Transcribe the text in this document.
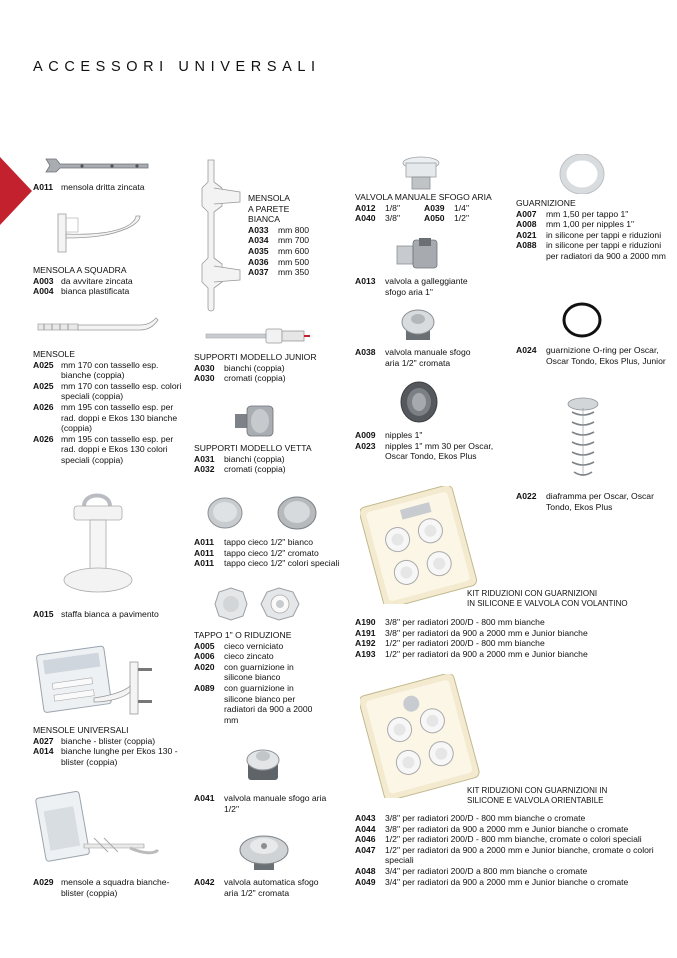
ACCESSORI UNIVERSALI
A011 mensola dritta zincata
MENSOLA A SQUADRA
A003 da avvitare zincata
A004 bianca plastificata
MENSOLE
A025 mm 170 con tassello esp. bianche (coppia)
A025 mm 170 con tassello esp. colori speciali (coppia)
A026 mm 195 con tassello esp. per rad. doppi e Ekos 130 bianche (coppia)
A026 mm 195 con tassello esp. per rad. doppi e Ekos 130 colori speciali (coppia)
A015 staffa bianca a pavimento
MENSOLE UNIVERSALI
A027 bianche - blister (coppia)
A014 bianche lunghe per Ekos 130 - blister (coppia)
A029 mensole a squadra bianche-blister (coppia)
MENSOLA
A PARETE
BIANCA
A033	mm 800
A034	mm 700
A035	mm 600
A036	mm 500
A037	mm 350
SUPPORTI MODELLO JUNIOR
A030	bianchi (coppia)
A030	cromati (coppia)
SUPPORTI MODELLO VETTA
A031	bianchi (coppia)
A032	cromati (coppia)
A011	tappo cieco 1/2" bianco
A011	tappo cieco 1/2" cromato
A011	tappo cieco 1/2" colori speciali
TAPPO 1" O RIDUZIONE
A005	cieco verniciato
A006	cieco zincato
A020	con guarnizione in silicone bianco
A089	con guarnizione in silicone bianco per radiatori da 900 a 2000 mm
A041	valvola manuale sfogo aria 1/2"
A042	valvola automatica sfogo aria 1/2" cromata
VALVOLA MANUALE SFOGO ARIA
A012	1/8"	A039	1/4"
A040	3/8"	A050	1/2"
A013	valvola a galleggiante sfogo aria 1"
A038	valvola manuale sfogo aria 1/2" cromata
A009	nipples 1"
A023	nipples 1" mm 30 per Oscar, Oscar Tondo, Ekos Plus
KIT RIDUZIONI CON GUARNIZIONI
IN SILICONE E VALVOLA CON VOLANTINO
A190	3/8" per radiatori 200/D - 800 mm bianche
A191	3/8" per radiatori da 900 a 2000 mm e Junior bianche
A192	1/2" per radiatori 200/D - 800 mm bianche
A193	1/2" per radiatori da 900 a 2000 mm e Junior bianche
KIT RIDUZIONI CON GUARNIZIONI IN
SILICONE E VALVOLA ORIENTABILE
A043	3/8" per radiatori 200/D - 800 mm bianche o cromate
A044	3/8" per radiatori da 900 a 2000 mm e Junior bianche o cromate
A046	1/2" per radiatori 200/D - 800 mm bianche, cromate o colori speciali
A047	1/2" per radiatori da 900 a 2000 mm e Junior bianche, cromate o colori speciali
A048	3/4" per radiatori 200/D a 800 mm bianche o cromate
A049	3/4" per radiatori da 900 a 2000 mm e Junior bianche o cromate
GUARNIZIONE
A007	mm 1,50 per tappo 1"
A008	mm 1,00 per nipples 1"
A021	in silicone per tappi e riduzioni
A088	in silicone per tappi e riduzioni per radiatori da 900 a 2000 mm
A024	guarnizione O-ring per Oscar, Oscar Tondo, Ekos Plus, Junior
A022	diaframma per Oscar, Oscar Tondo, Ekos Plus
